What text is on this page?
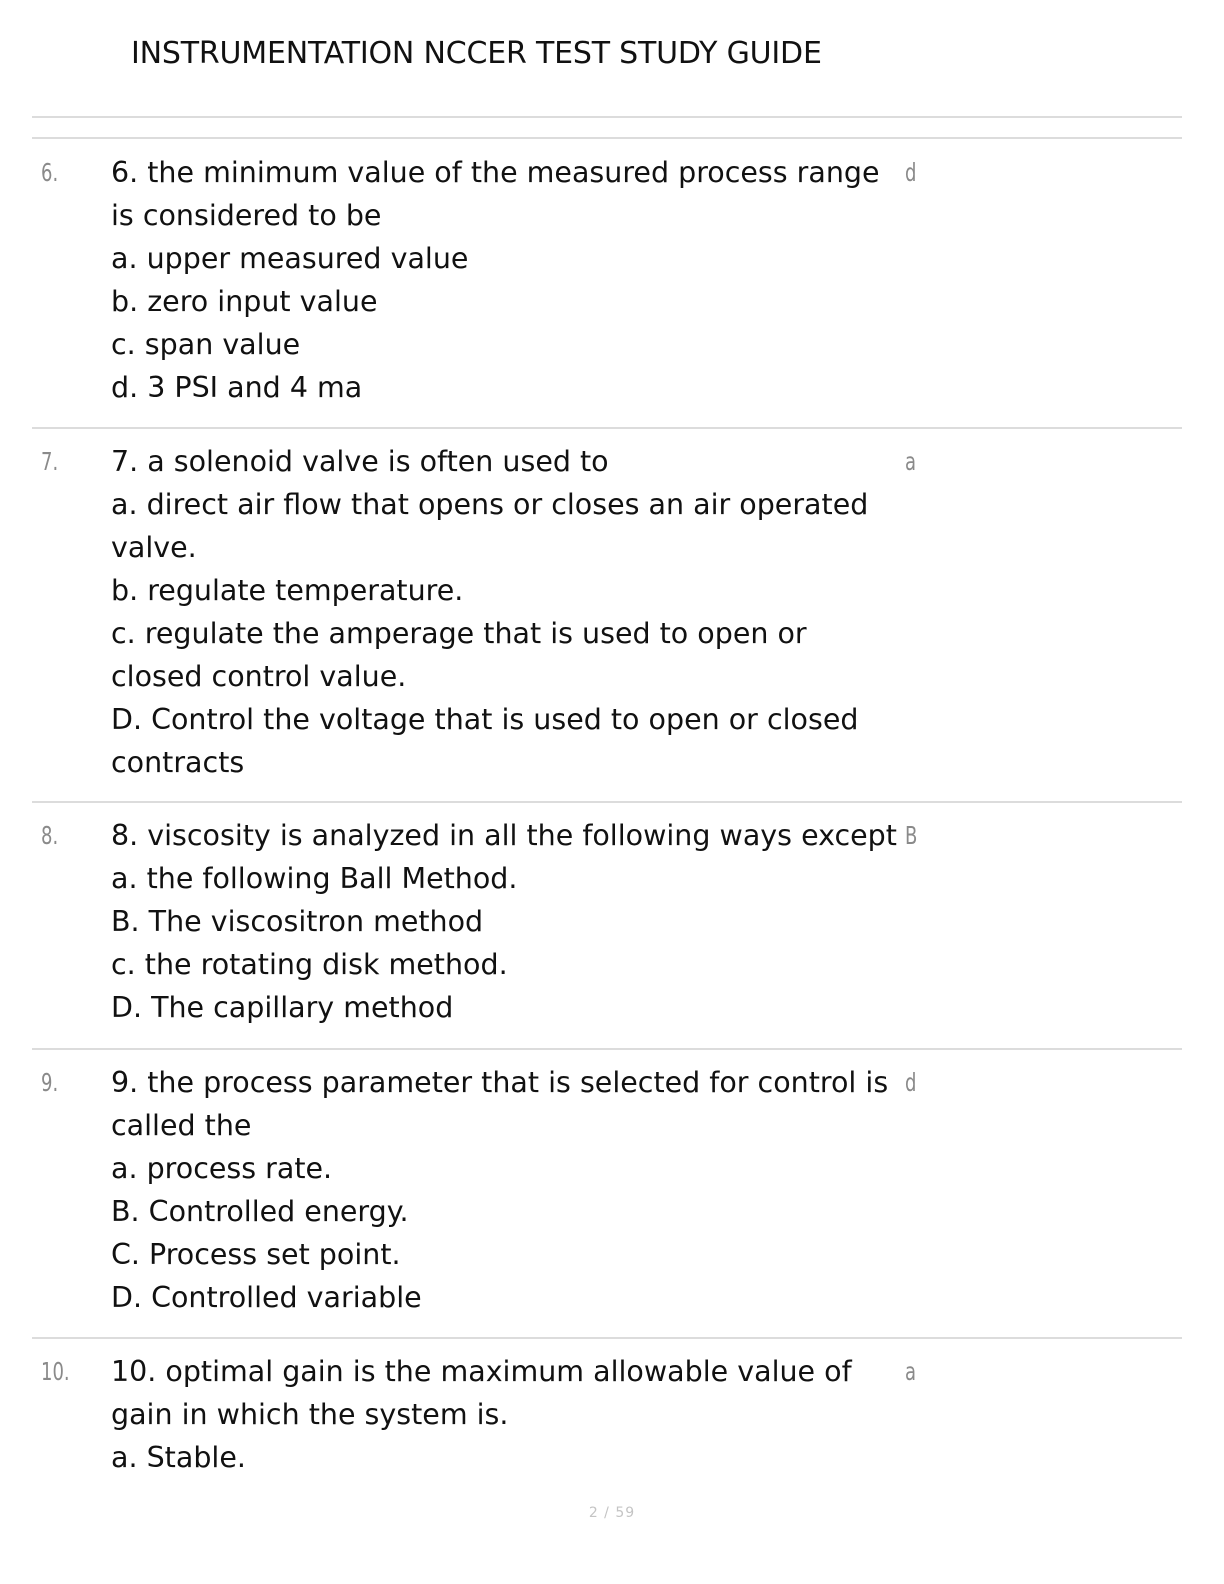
INSTRUMENTATION NCCER TEST STUDY GUIDE
6. 6. the minimum value of the measured process range
is considered to be
a. upper measured value
b. zero input value
c. span value
d. 3 PSI and 4 ma
d
7. 7. a solenoid valve is often used to
a. direct air flow that opens or closes an air operated
valve.
b. regulate temperature.
c. regulate the amperage that is used to open or
closed control value.
D. Control the voltage that is used to open or closed
contracts
a
8. 8. viscosity is analyzed in all the following ways except
a. the following Ball Method.
B. The viscositron method
c. the rotating disk method.
D. The capillary method
B
9. 9. the process parameter that is selected for control is
called the
a. process rate.
B. Controlled energy.
C. Process set point.
D. Controlled variable
d
10. 10. optimal gain is the maximum allowable value of
gain in which the system is.
a. Stable.
a
2 / 59
